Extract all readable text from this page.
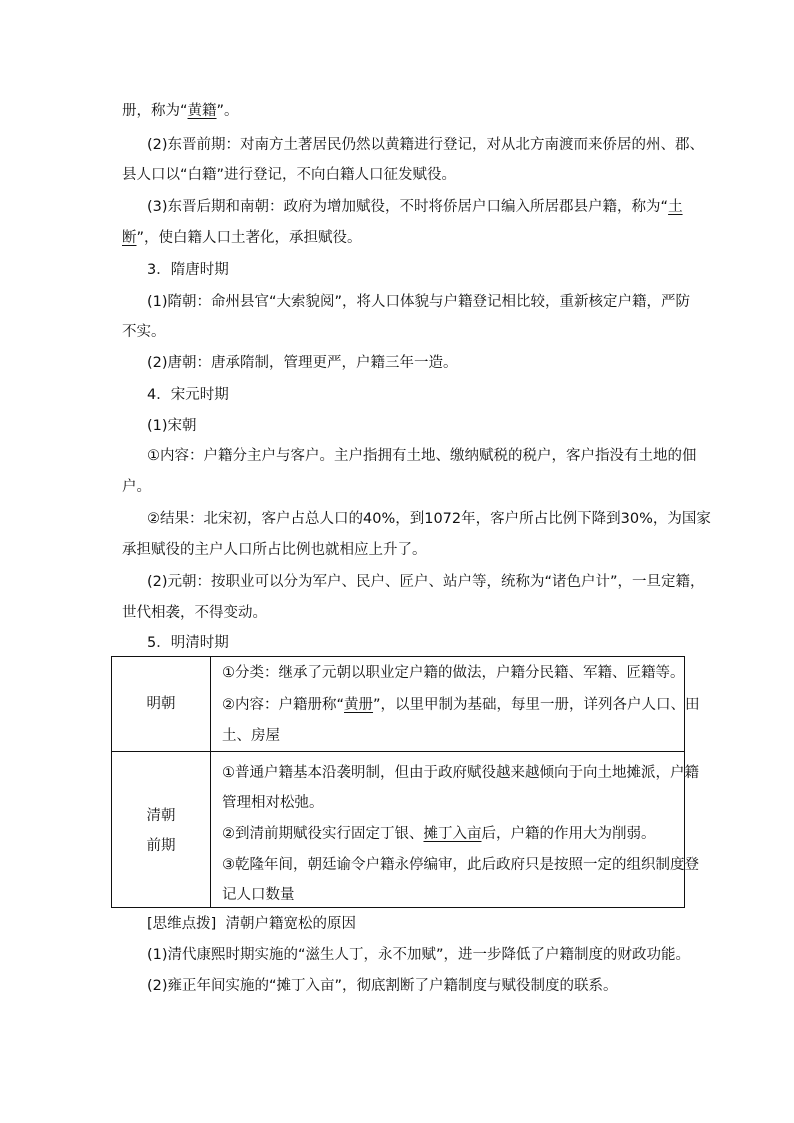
册，称为“黄籍”。
(2)东晋前期：对南方土著居民仍然以黄籍进行登记，对从北方南渡而来侨居的州、郡、
县人口以“白籍”进行登记，不向白籍人口征发赋役。
(3)东晋后期和南朝：政府为增加赋役，不时将侨居户口编入所居郡县户籍，称为“土
断”，使白籍人口土著化，承担赋役。
3．隋唐时期
(1)隋朝：命州县官“大索貌阅”，将人口体貌与户籍登记相比较，重新核定户籍，严防
不实。
(2)唐朝：唐承隋制，管理更严，户籍三年一造。
4．宋元时期
(1)宋朝
①内容：户籍分主户与客户。主户指拥有土地、缴纳赋税的税户，客户指没有土地的佃
户。
②结果：北宋初，客户占总人口的40%，到1072年，客户所占比例下降到30%，为国家
承担赋役的主户人口所占比例也就相应上升了。
(2)元朝：按职业可以分为军户、民户、匠户、站户等，统称为“诸色户计”，一旦定籍，
世代相袭，不得变动。
5．明清时期
明朝
①分类：继承了元朝以职业定户籍的做法，户籍分民籍、军籍、匠籍等。
②内容：户籍册称“黄册”，以里甲制为基础，每里一册，详列各户人口、田
土、房屋
清朝
前期
①普通户籍基本沿袭明制，但由于政府赋役越来越倾向于向土地摊派，户籍
管理相对松弛。
②到清前期赋役实行固定丁银、摊丁入亩后，户籍的作用大为削弱。
③乾隆年间，朝廷谕令户籍永停编审，此后政府只是按照一定的组织制度登
记人口数量
[思维点拨] 清朝户籍宽松的原因
(1)清代康熙时期实施的“滋生人丁，永不加赋”，进一步降低了户籍制度的财政功能。
(2)雍正年间实施的“摊丁入亩”，彻底割断了户籍制度与赋役制度的联系。
